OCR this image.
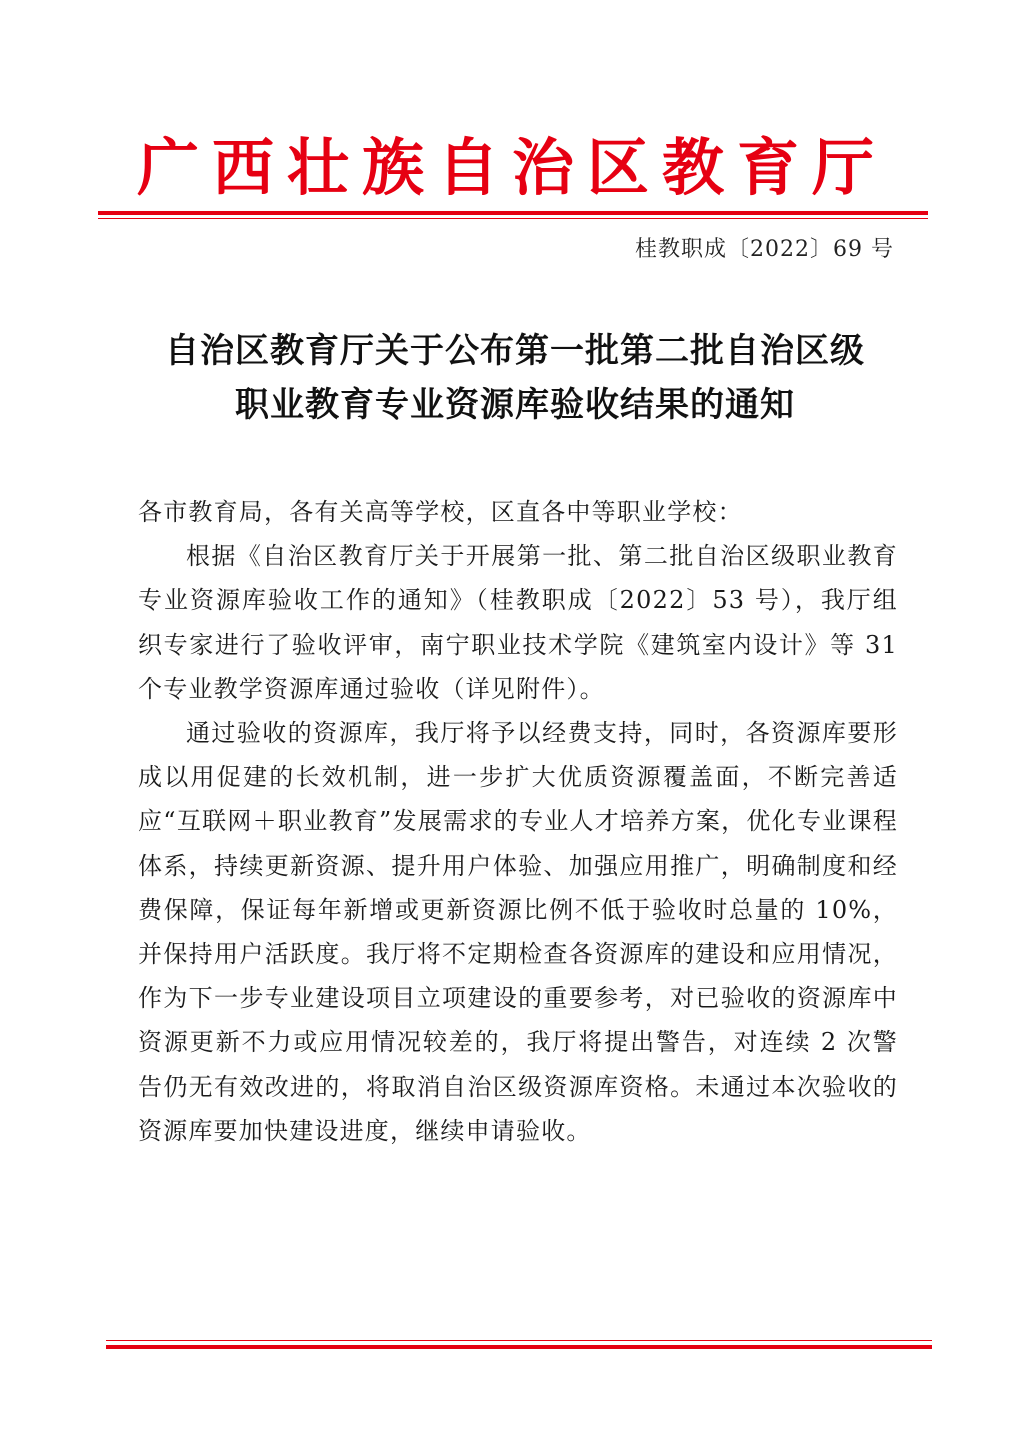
广西壮族自治区教育厅
桂教职成〔2022〕69 号
自治区教育厅关于公布第一批第二批自治区级
职业教育专业资源库验收结果的通知

各市教育局，各有关高等学校，区直各中等职业学校：

根据《自治区教育厅关于开展第一批、第二批自治区级职业教育专业资源库验收工作的通知》（桂教职成〔2022〕53 号），我厅组织专家进行了验收评审，南宁职业技术学院《建筑室内设计》等 31 个专业教学资源库通过验收（详见附件）。

通过验收的资源库，我厅将予以经费支持，同时，各资源库要形成以用促建的长效机制，进一步扩大优质资源覆盖面，不断完善适应“互联网＋职业教育”发展需求的专业人才培养方案，优化专业课程体系，持续更新资源、提升用户体验、加强应用推广，明确制度和经费保障，保证每年新增或更新资源比例不低于验收时总量的 10%，并保持用户活跃度。我厅将不定期检查各资源库的建设和应用情况，作为下一步专业建设项目立项建设的重要参考，对已验收的资源库中资源更新不力或应用情况较差的，我厅将提出警告，对连续 2 次警告仍无有效改进的，将取消自治区级资源库资格。未通过本次验收的资源库要加快建设进度，继续申请验收。
